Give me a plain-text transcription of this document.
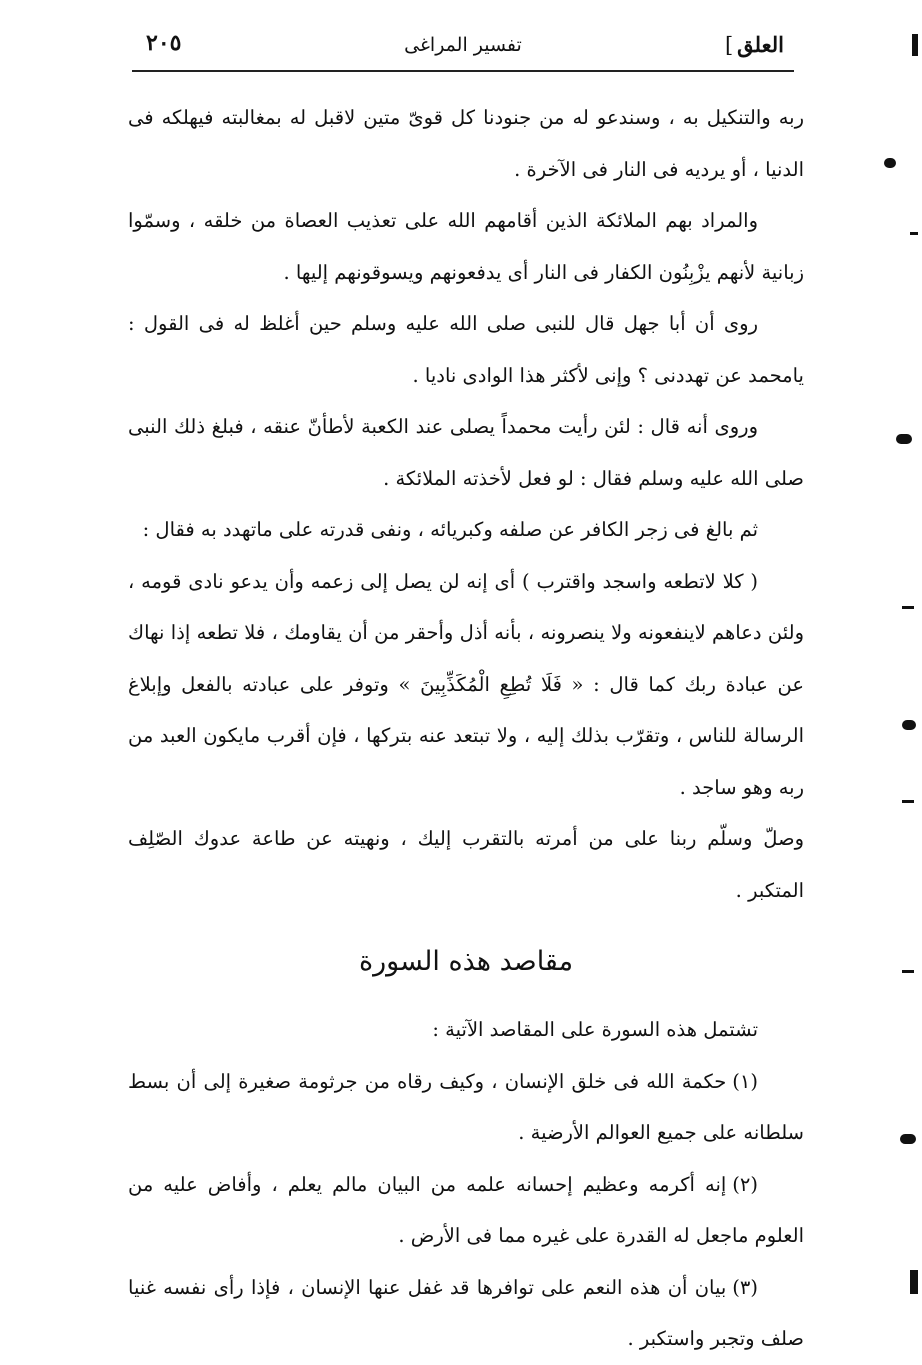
العلق]
تفسير المراغى
٢٠٥

ربه والتنكيل به ، وسندعو له من جنودنا كل قوىّ متين لاقبل له بمغالبته فيهلكه فى الدنيا ، أو يرديه فى النار فى الآخرة .

والمراد بهم الملائكة الذين أقامهم الله على تعذيب العصاة من خلقه ، وسمّوا زبانية لأنهم يزْبِنُون الكفار فى النار أى يدفعونهم ويسوقونهم إليها .

روى أن أبا جهل قال للنبى صلى الله عليه وسلم حين أغلظ له فى القول : يامحمد عن تهددنى ؟ وإنى لأكثر هذا الوادى ناديا .

وروى أنه قال : لئن رأيت محمداً يصلى عند الكعبة لأطأنّ عنقه ، فبلغ ذلك النبى صلى الله عليه وسلم فقال : لو فعل لأخذته الملائكة .

ثم بالغ فى زجر الكافر عن صلفه وكبريائه ، ونفى قدرته على ماتهدد به فقال :

( كلا لاتطعه واسجد واقترب ) أى إنه لن يصل إلى زعمه وأن يدعو نادى قومه ، ولئن دعاهم لاينفعونه ولا ينصرونه ، بأنه أذل وأحقر من أن يقاومك ، فلا تطعه إذا نهاك عن عبادة ربك كما قال : « فَلَا تُطِعِ الْمُكَذِّبِينَ » وتوفر على عبادته بالفعل وإبلاغ الرسالة للناس ، وتقرّب بذلك إليه ، ولا تبتعد عنه بتركها ، فإن أقرب مايكون العبد من ربه وهو ساجد .

وصلّ وسلّم ربنا على من أمرته بالتقرب إليك ، ونهيته عن طاعة عدوك الصّلِف المتكبر .

مقاصد هذه السورة

تشتمل هذه السورة على المقاصد الآتية :

(١)حكمة الله فى خلق الإنسان ، وكيف رقاه من جرثومة صغيرة إلى أن بسط سلطانه على جميع العوالم الأرضية .

(٢)إنه أكرمه وعظيم إحسانه علمه من البيان مالم يعلم ، وأفاض عليه من العلوم ماجعل له القدرة على غيره مما فى الأرض .

(٣)بيان أن هذه النعم على توافرها قد غفل عنها الإنسان ، فإذا رأى نفسه غنيا صلف وتجبر واستكبر .
